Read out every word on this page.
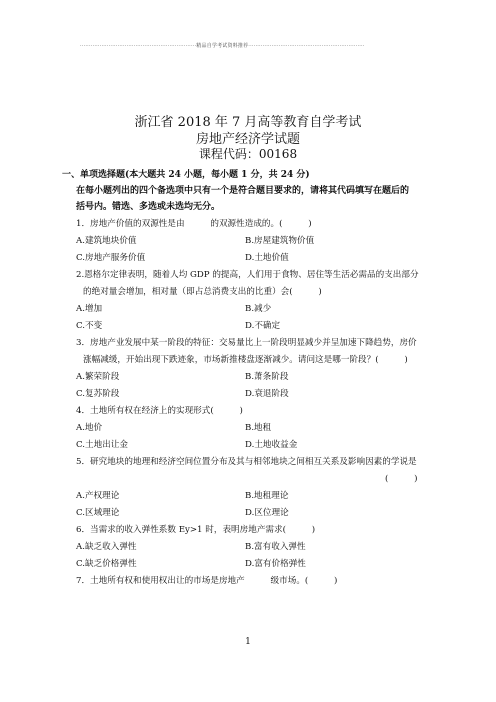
·································································精品自学考试资料推荐·································································
浙江省 2018 年 7 月高等教育自学考试
房地产经济学试题
课程代码：00168
一、单项选择题(本大题共 24 小题，每小题 1 分，共 24 分)
在每小题列出的四个备选项中只有一个是符合题目要求的，请将其代码填写在题后的
括号内。错选、多选或未选均无分。
1．房地产价值的双源性是由　　　的双源性造成的。(　　　)
A.建筑地块价值	B.房屋建筑物价值
C.房地产服务价值	D.土地价值
2.恩格尔定律表明，随着人均 GDP 的提高，人们用于食物、居住等生活必需品的支出部分
的绝对量会增加，相对量（即占总消费支出的比重）会(　　　)
A.增加	B.减少
C.不变	D.不确定
3．房地产业发展中某一阶段的特征：交易量比上一阶段明显减少并呈加速下降趋势，房价
涨幅减缓，开始出现下跌迹象，市场新推楼盘逐渐减少。请问这是哪一阶段？(　　　)
A.繁荣阶段	B.萧条阶段
C.复苏阶段	D.衰退阶段
4．土地所有权在经济上的实现形式(　　　)
A.地价	B.地租
C.土地出让金	D.土地收益金
5．研究地块的地理和经济空间位置分布及其与相邻地块之间相互关系及影响因素的学说是
(　　　)
A.产权理论	B.地租理论
C.区域理论	D.区位理论
6．当需求的收入弹性系数 Ey>1 时，表明房地产需求(　　　)
A.缺乏收入弹性	B.富有收入弹性
C.缺乏价格弹性	D.富有价格弹性
7．土地所有权和使用权出让的市场是房地产　　　级市场。(　　　)
1
